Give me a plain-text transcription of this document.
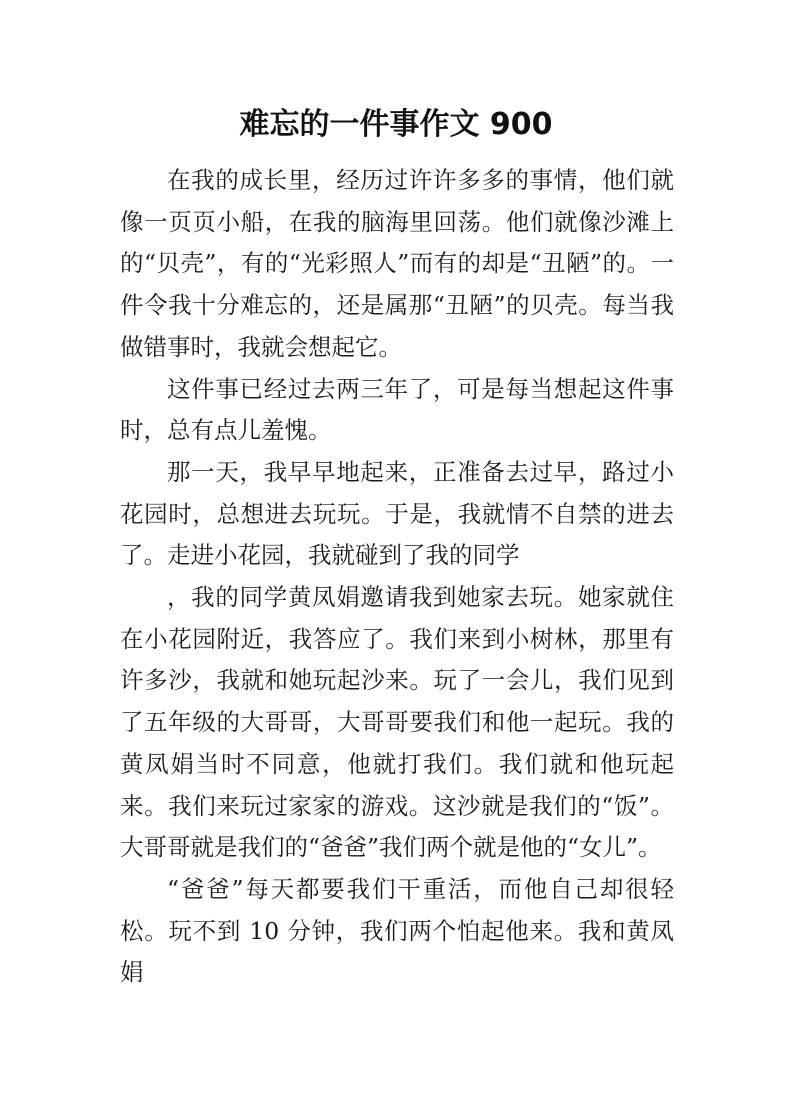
难忘的一件事作文 900

在我的成长里，经历过许许多多的事情，他们就像一页页小船，在我的脑海里回荡。他们就像沙滩上的“贝壳”，有的“光彩照人”而有的却是“丑陋”的。一件令我十分难忘的，还是属那“丑陋”的贝壳。每当我做错事时，我就会想起它。

这件事已经过去两三年了，可是每当想起这件事时，总有点儿羞愧。

那一天，我早早地起来，正准备去过早，路过小花园时，总想进去玩玩。于是，我就情不自禁的进去了。走进小花园，我就碰到了我的同学

，我的同学黄凤娟邀请我到她家去玩。她家就住在小花园附近，我答应了。我们来到小树林，那里有许多沙，我就和她玩起沙来。玩了一会儿，我们见到了五年级的大哥哥，大哥哥要我们和他一起玩。我的黄凤娟当时不同意，他就打我们。我们就和他玩起来。我们来玩过家家的游戏。这沙就是我们的“饭”。大哥哥就是我们的“爸爸”我们两个就是他的“女儿”。

“爸爸”每天都要我们干重活，而他自己却很轻松。玩不到 10 分钟，我们两个怕起他来。我和黄凤娟
